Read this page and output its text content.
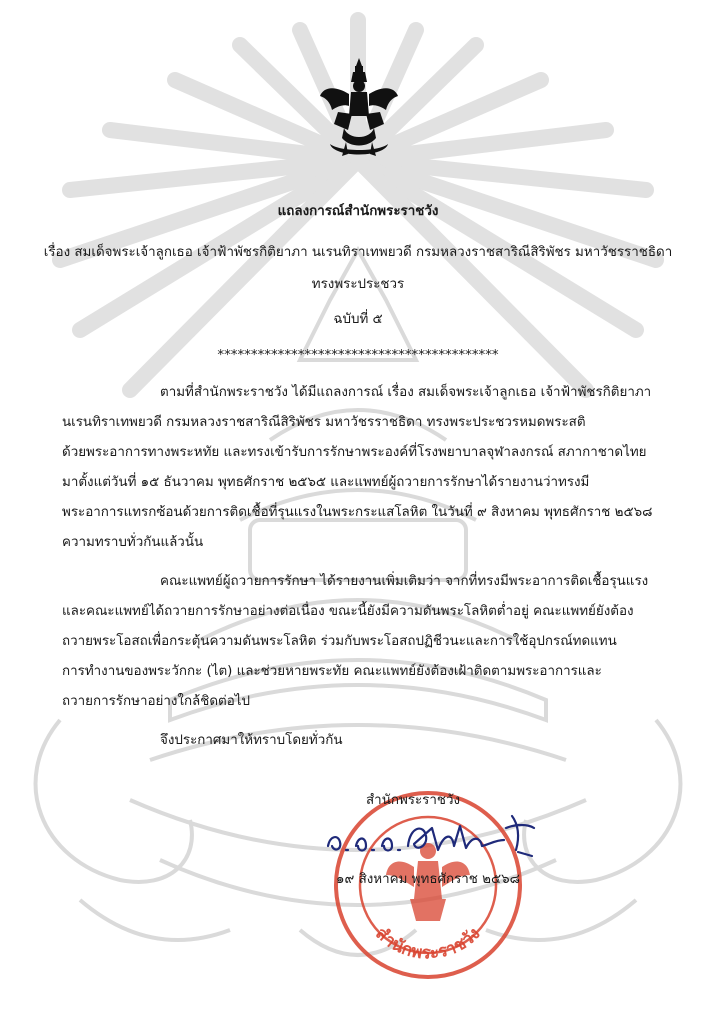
แถลงการณ์สำนักพระราชวัง
เรื่อง สมเด็จพระเจ้าลูกเธอ เจ้าฟ้าพัชรกิติยาภา นเรนทิราเทพยวดี กรมหลวงราชสาริณีสิริพัชร มหาวัชรราชธิดา
ทรงพระประชวร
ฉบับที่ ๕
******************************************
ตามที่สำนักพระราชวัง ได้มีแถลงการณ์ เรื่อง สมเด็จพระเจ้าลูกเธอ เจ้าฟ้าพัชรกิติยาภา
นเรนทิราเทพยวดี กรมหลวงราชสาริณีสิริพัชร มหาวัชรราชธิดา ทรงพระประชวรหมดพระสติ
ด้วยพระอาการทางพระหทัย และทรงเข้ารับการรักษาพระองค์ที่โรงพยาบาลจุฬาลงกรณ์ สภากาชาดไทย
มาตั้งแต่วันที่ ๑๕ ธันวาคม พุทธศักราช ๒๕๖๕ และแพทย์ผู้ถวายการรักษาได้รายงานว่าทรงมี
พระอาการแทรกซ้อนด้วยการติดเชื้อที่รุนแรงในพระกระแสโลหิต ในวันที่ ๙ สิงหาคม พุทธศักราช ๒๕๖๘
ความทราบทั่วกันแล้วนั้น
คณะแพทย์ผู้ถวายการรักษา ได้รายงานเพิ่มเติมว่า จากที่ทรงมีพระอาการติดเชื้อรุนแรง
และคณะแพทย์ได้ถวายการรักษาอย่างต่อเนื่อง ขณะนี้ยังมีความดันพระโลหิตต่ำอยู่ คณะแพทย์ยังต้อง
ถวายพระโอสถเพื่อกระตุ้นความดันพระโลหิต ร่วมกับพระโอสถปฏิชีวนะและการใช้อุปกรณ์ทดแทน
การทำงานของพระวักกะ (ไต) และช่วยหายพระทัย คณะแพทย์ยังต้องเฝ้าติดตามพระอาการและ
ถวายการรักษาอย่างใกล้ชิดต่อไป
จึงประกาศมาให้ทราบโดยทั่วกัน
สำนักพระราชวัง
สำนักพระราชวัง
๑๙ สิงหาคม พุทธศักราช ๒๕๖๘
